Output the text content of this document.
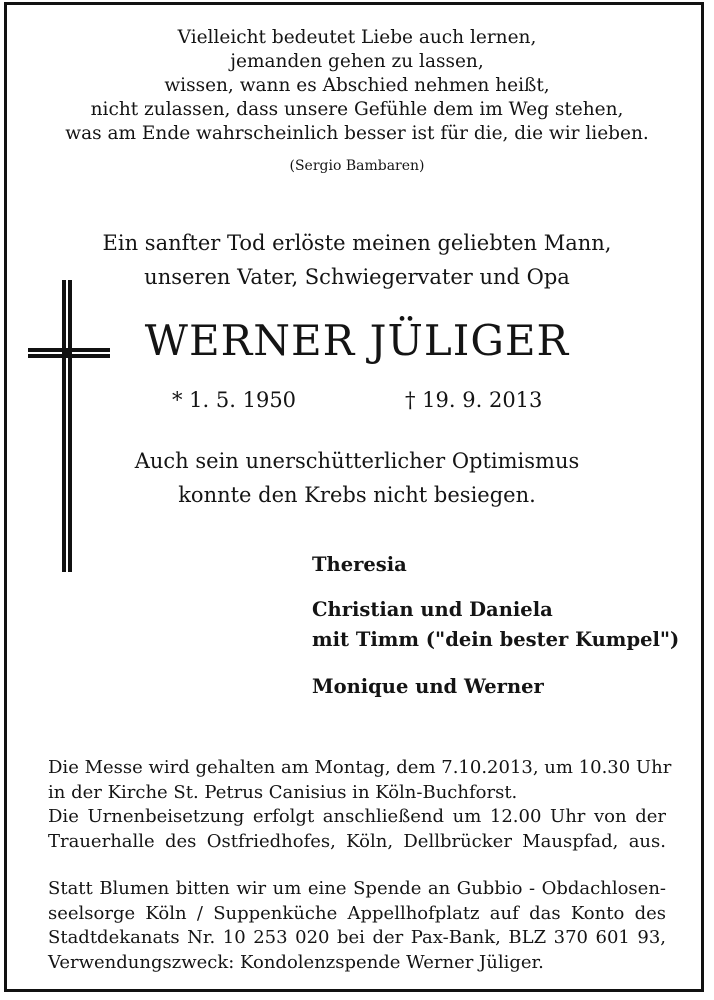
Vielleicht bedeutet Liebe auch lernen,
jemanden gehen zu lassen,
wissen, wann es Abschied nehmen heißt,
nicht zulassen, dass unsere Gefühle dem im Weg stehen,
was am Ende wahrscheinlich besser ist für die, die wir lieben.
(Sergio Bambaren)
Ein sanfter Tod erlöste meinen geliebten Mann,
unseren Vater, Schwiegervater und Opa
WERNER JÜLIGER
* 1. 5. 1950	† 19. 9. 2013
Auch sein unerschütterlicher Optimismus
konnte den Krebs nicht besiegen.
Theresia
Christian und Daniela
mit Timm ("dein bester Kumpel")
Monique und Werner
Die Messe wird gehalten am Montag, dem 7.10.2013, um 10.30 Uhr
in der Kirche St. Petrus Canisius in Köln-Buchforst.
Die Urnenbeisetzung erfolgt anschließend um 12.00 Uhr von der
Trauerhalle des Ostfriedhofes, Köln, Dellbrücker Mauspfad, aus.
Statt Blumen bitten wir um eine Spende an Gubbio - Obdachlosen-
seelsorge Köln / Suppenküche Appellhofplatz auf das Konto des
Stadtdekanats Nr. 10 253 020 bei der Pax-Bank, BLZ 370 601 93,
Verwendungszweck: Kondolenzspende Werner Jüliger.
